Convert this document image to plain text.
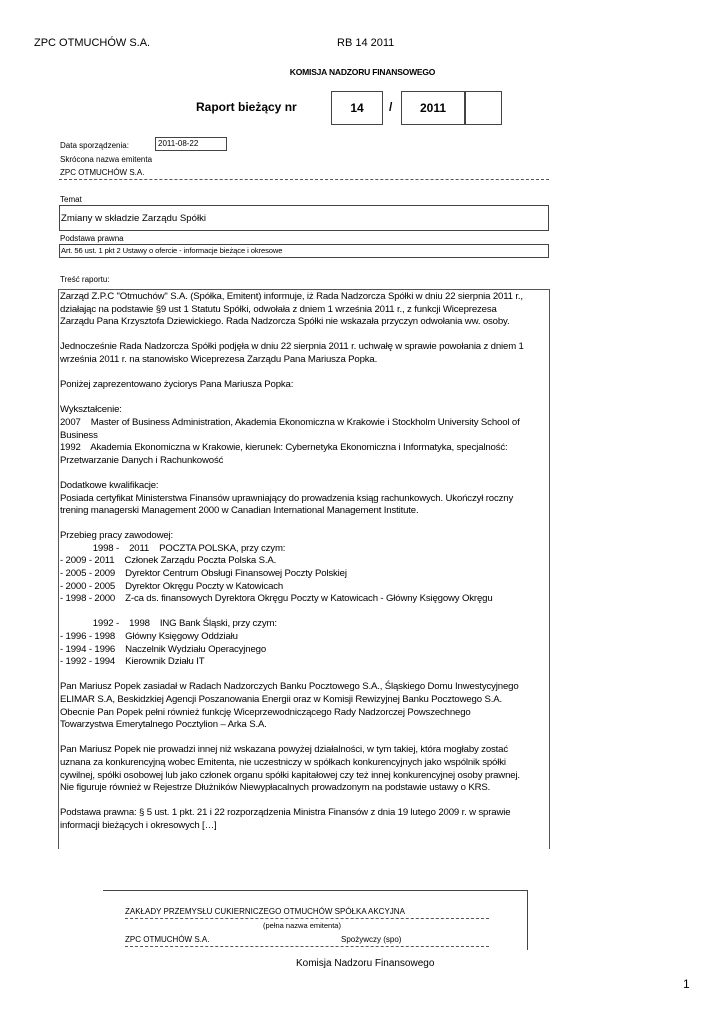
ZPC OTMUCHÓW S.A.	RB 14 2011
KOMISJA NADZORU FINANSOWEGO
Raport bieżący nr	14	/	2011
Data sporządzenia:	2011-08-22
Skrócona nazwa emitenta
ZPC OTMUCHÓW S.A.
Temat
Zmiany w składzie Zarządu Spółki
Podstawa prawna
Art. 56 ust. 1 pkt 2 Ustawy o ofercie - informacje bieżące i okresowe
Treść raportu:

Zarząd Z.P.C "Otmuchów" S.A. (Spółka, Emitent) informuje, iż Rada Nadzorcza Spółki w dniu 22 sierpnia 2011 r.,

działając na podstawie §9 ust 1 Statutu Spółki, odwołała z dniem 1 września 2011 r., z funkcji Wiceprezesa

Zarządu Pana Krzysztofa Dziewickiego. Rada Nadzorcza Spółki nie wskazała przyczyn odwołania ww. osoby.

Jednocześnie Rada Nadzorcza Spółki podjęła w dniu 22 sierpnia 2011 r. uchwałę w sprawie powołania z dniem 1

września 2011 r. na stanowisko Wiceprezesa Zarządu Pana Mariusza Popka.

Poniżej zaprezentowano życiorys Pana Mariusza Popka:

Wykształcenie:

2007    Master of Business Administration, Akademia Ekonomiczna w Krakowie i Stockholm University School of

Business

1992    Akademia Ekonomiczna w Krakowie, kierunek: Cybernetyka Ekonomiczna i Informatyka, specjalność:

Przetwarzanie Danych i Rachunkowość

Dodatkowe kwalifikacje:

Posiada certyfikat Ministerstwa Finansów uprawniający do prowadzenia ksiąg rachunkowych. Ukończył roczny

trening managerski Management 2000 w Canadian International Management Institute.

Przebieg pracy zawodowej:

1998 -    2011    POCZTA POLSKA, przy czym:

- 2009 - 2011    Członek Zarządu Poczta Polska S.A.

- 2005 - 2009    Dyrektor Centrum Obsługi Finansowej Poczty Polskiej

- 2000 - 2005    Dyrektor Okręgu Poczty w Katowicach

- 1998 - 2000    Z-ca ds. finansowych Dyrektora Okręgu Poczty w Katowicach - Główny Księgowy Okręgu

1992 -    1998    ING Bank Śląski, przy czym:

- 1996 - 1998    Główny Księgowy Oddziału

- 1994 - 1996    Naczelnik Wydziału Operacyjnego

- 1992 - 1994    Kierownik Działu IT

Pan Mariusz Popek zasiadał w Radach Nadzorczych Banku Pocztowego S.A., Śląskiego Domu Inwestycyjnego

ELIMAR S.A, Beskidzkiej Agencji Poszanowania Energii oraz w Komisji Rewizyjnej Banku Pocztowego S.A.

Obecnie Pan Popek pełni również funkcję Wiceprzewodniczącego Rady Nadzorczej Powszechnego

Towarzystwa Emerytalnego Pocztylion – Arka S.A.

Pan Mariusz Popek nie prowadzi innej niż wskazana powyżej działalności, w tym takiej, która mogłaby zostać

uznana za konkurencyjną wobec Emitenta, nie uczestniczy w spółkach konkurencyjnych jako wspólnik spółki

cywilnej, spółki osobowej lub jako członek organu spółki kapitałowej czy też innej konkurencyjnej osoby prawnej.

Nie figuruje również w Rejestrze Dłużników Niewypłacalnych prowadzonym na podstawie ustawy o KRS.

Podstawa prawna: § 5 ust. 1 pkt. 21 i 22 rozporządzenia Ministra Finansów z dnia 19 lutego 2009 r. w sprawie

informacji bieżących i okresowych […]

ZAKŁADY PRZEMYSŁU CUKIERNICZEGO OTMUCHÓW SPÓŁKA AKCYJNA
(pełna nazwa emitenta)
ZPC OTMUCHÓW S.A.	Spożywczy (spo)
Komisja Nadzoru Finansowego
1
